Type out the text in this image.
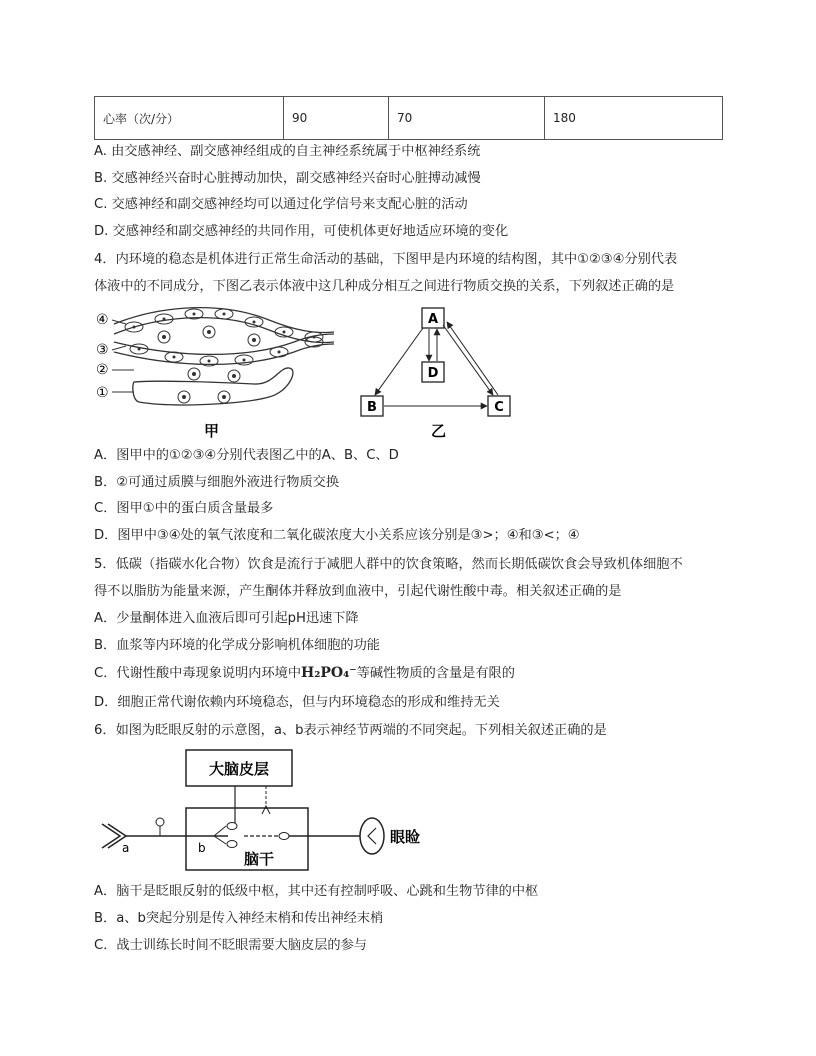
心率（次/分）	90	70	180
A. 由交感神经、副交感神经组成的自主神经系统属于中枢神经系统
B. 交感神经兴奋时心脏搏动加快，副交感神经兴奋时心脏搏动减慢
C. 交感神经和副交感神经均可以通过化学信号来支配心脏的活动
D. 交感神经和副交感神经的共同作用，可使机体更好地适应环境的变化
4．内环境的稳态是机体进行正常生命活动的基础，下图甲是内环境的结构图，其中①②③④分别代表
体液中的不同成分，下图乙表示体液中这几种成分相互之间进行物质交换的关系，下列叙述正确的是
④
③
②
①
甲
A
D
B	C
乙
A．图甲中的①②③④分别代表图乙中的A、B、C、D
B．②可通过质膜与细胞外液进行物质交换
C．图甲①中的蛋白质含量最多
D．图甲中③④处的氧气浓度和二氧化碳浓度大小关系应该分别是③>；④和③<；④
5．低碳（指碳水化合物）饮食是流行于减肥人群中的饮食策略，然而长期低碳饮食会导致机体细胞不
得不以脂肪为能量来源，产生酮体并释放到血液中，引起代谢性酸中毒。相关叙述正确的是
A．少量酮体进入血液后即可引起pH迅速下降
B．血浆等内环境的化学成分影响机体细胞的功能
C．代谢性酸中毒现象说明内环境中H₂PO₄⁻等碱性物质的含量是有限的
D．细胞正常代谢依赖内环境稳态，但与内环境稳态的形成和维持无关
6．如图为眨眼反射的示意图，a、b表示神经节两端的不同突起。下列相关叙述正确的是
大脑皮层
脑干
a	b
眼睑
A．脑干是眨眼反射的低级中枢，其中还有控制呼吸、心跳和生物节律的中枢
B．a、b突起分别是传入神经末梢和传出神经末梢
C．战士训练长时间不眨眼需要大脑皮层的参与
